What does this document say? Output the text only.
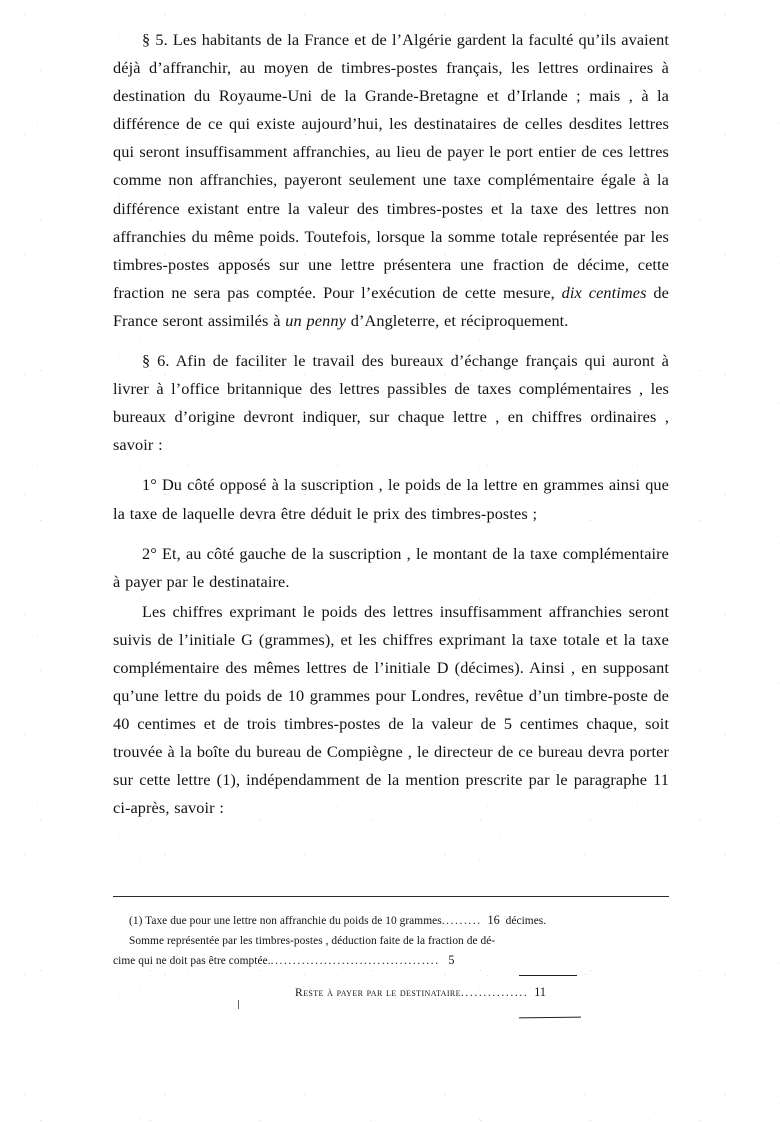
§ 5. Les habitants de la France et de l’Algérie gardent la faculté qu’ils avaient déjà d’affranchir, au moyen de timbres-postes français, les lettres ordinaires à destination du Royaume-Uni de la Grande-Bretagne et d’Irlande ; mais , à la différence de ce qui existe aujourd’hui, les destinataires de celles desdites lettres qui seront insuffisamment affranchies, au lieu de payer le port entier de ces lettres comme non affranchies, payeront seulement une taxe complémentaire égale à la différence existant entre la valeur des timbres-postes et la taxe des lettres non affranchies du même poids. Toutefois, lorsque la somme totale représentée par les timbres-postes apposés sur une lettre présentera une fraction de décime, cette fraction ne sera pas comptée. Pour l’exécution de cette mesure, dix centimes de France seront assimilés à un penny d’Angleterre, et réciproquement.

§ 6. Afin de faciliter le travail des bureaux d’échange français qui auront à livrer à l’office britannique des lettres passibles de taxes complémentaires , les bureaux d’origine devront indiquer, sur chaque lettre , en chiffres ordinaires , savoir :

1° Du côté opposé à la suscription , le poids de la lettre en grammes ainsi que la taxe de laquelle devra être déduit le prix des timbres-postes ;

2° Et, au côté gauche de la suscription , le montant de la taxe complémentaire à payer par le destinataire.

Les chiffres exprimant le poids des lettres insuffisamment affranchies seront suivis de l’initiale G (grammes), et les chiffres exprimant la taxe totale et la taxe complémentaire des mêmes lettres de l’initiale D (décimes). Ainsi , en supposant qu’une lettre du poids de 10 grammes pour Londres, revêtue d’un timbre-poste de 40 centimes et de trois timbres-postes de la valeur de 5 centimes chaque, soit trouvée à la boîte du bureau de Compiègne , le directeur de ce bureau devra porter sur cette lettre (1), indépendamment de la mention prescrite par le paragraphe 11 ci-après, savoir :

(1) Taxe due pour une lettre non affranchie du poids de 10 grammes......... 16 décimes.

Somme représentée par les timbres-postes , déduction faite de la fraction de dé-

cime qui ne doit pas être comptée....................................... 5

Reste à payer par le destinataire............... 11
